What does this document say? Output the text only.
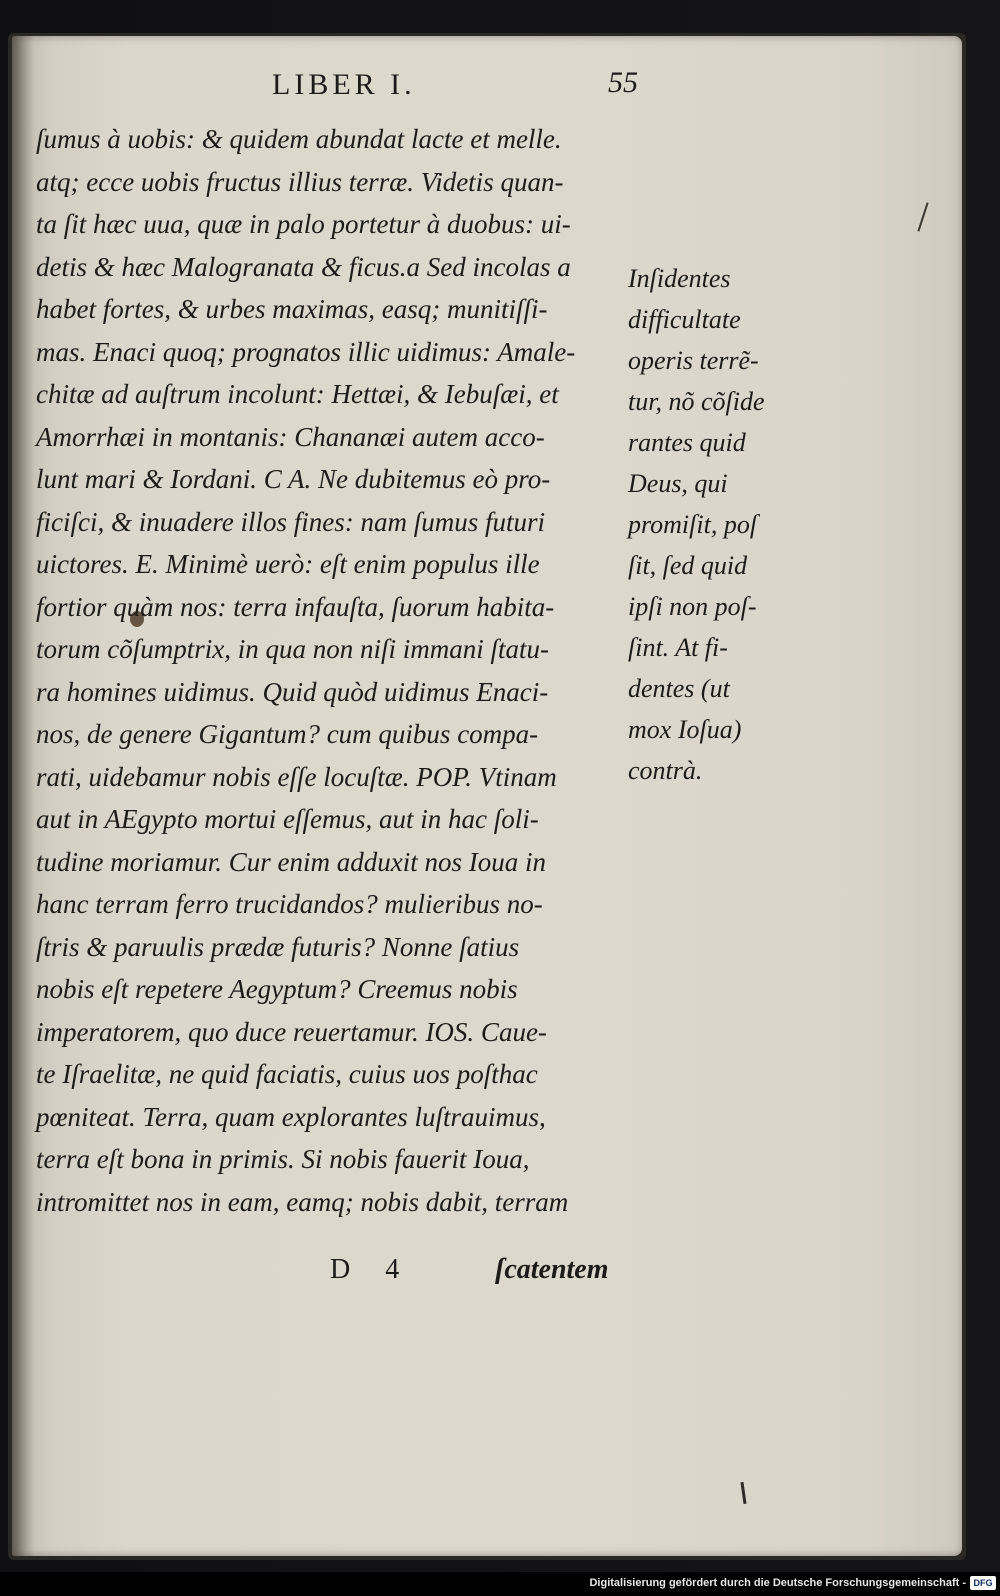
LIBER I.	55
ſumus à uobis: & quidem abundat lacte et melle.
atq; ecce uobis fructus illius terræ. Videtis quan-
ta ſit hæc uua, quæ in palo portetur à duobus: ui-
detis & hæc Malogranata & ficus.a Sed incolas a
habet fortes, & urbes maximas, easq; munitiſſi-
mas. Enaci quoq; prognatos illic uidimus: Amale-
chitæ ad auſtrum incolunt: Hettæi, & Iebuſæi, et
Amorrhæi in montanis: Chananæi autem acco-
lunt mari & Iordani. C A. Ne dubitemus eò pro-
ficiſci, & inuadere illos fines: nam ſumus futuri
uictores. E. Minimè uerò: eſt enim populus ille
fortior quàm nos: terra infauſta, ſuorum habita-
torum cõſumptrix, in qua non niſi immani ſtatu-
ra homines uidimus. Quid quòd uidimus Enaci-
nos, de genere Gigantum? cum quibus compa-
rati, uidebamur nobis eſſe locuſtæ. POP. Vtinam
aut in AEgypto mortui eſſemus, aut in hac ſoli-
tudine moriamur. Cur enim adduxit nos Ioua in
hanc terram ferro trucidandos? mulieribus no-
ſtris & paruulis prædæ futuris? Nonne ſatius
nobis eſt repetere Aegyptum? Creemus nobis
imperatorem, quo duce reuertamur. IOS. Caue-
te Iſraelitæ, ne quid faciatis, cuius uos poſthac
pœniteat. Terra, quam explorantes luſtrauimus,
terra eſt bona in primis. Si nobis fauerit Ioua,
intromittet nos in eam, eamq; nobis dabit, terram
Inſidentes
difficultate
operis terrẽ-
tur, nõ cõſide
rantes quid
Deus, qui
promiſit, poſ
ſit, ſed quid
ipſi non poſ-
ſint. At fi-
dentes (ut
mox Ioſua)
contrà.
D 4	ſcatentem
Digitalisierung gefördert durch die Deutsche Forschungsgemeinschaft - DFG
